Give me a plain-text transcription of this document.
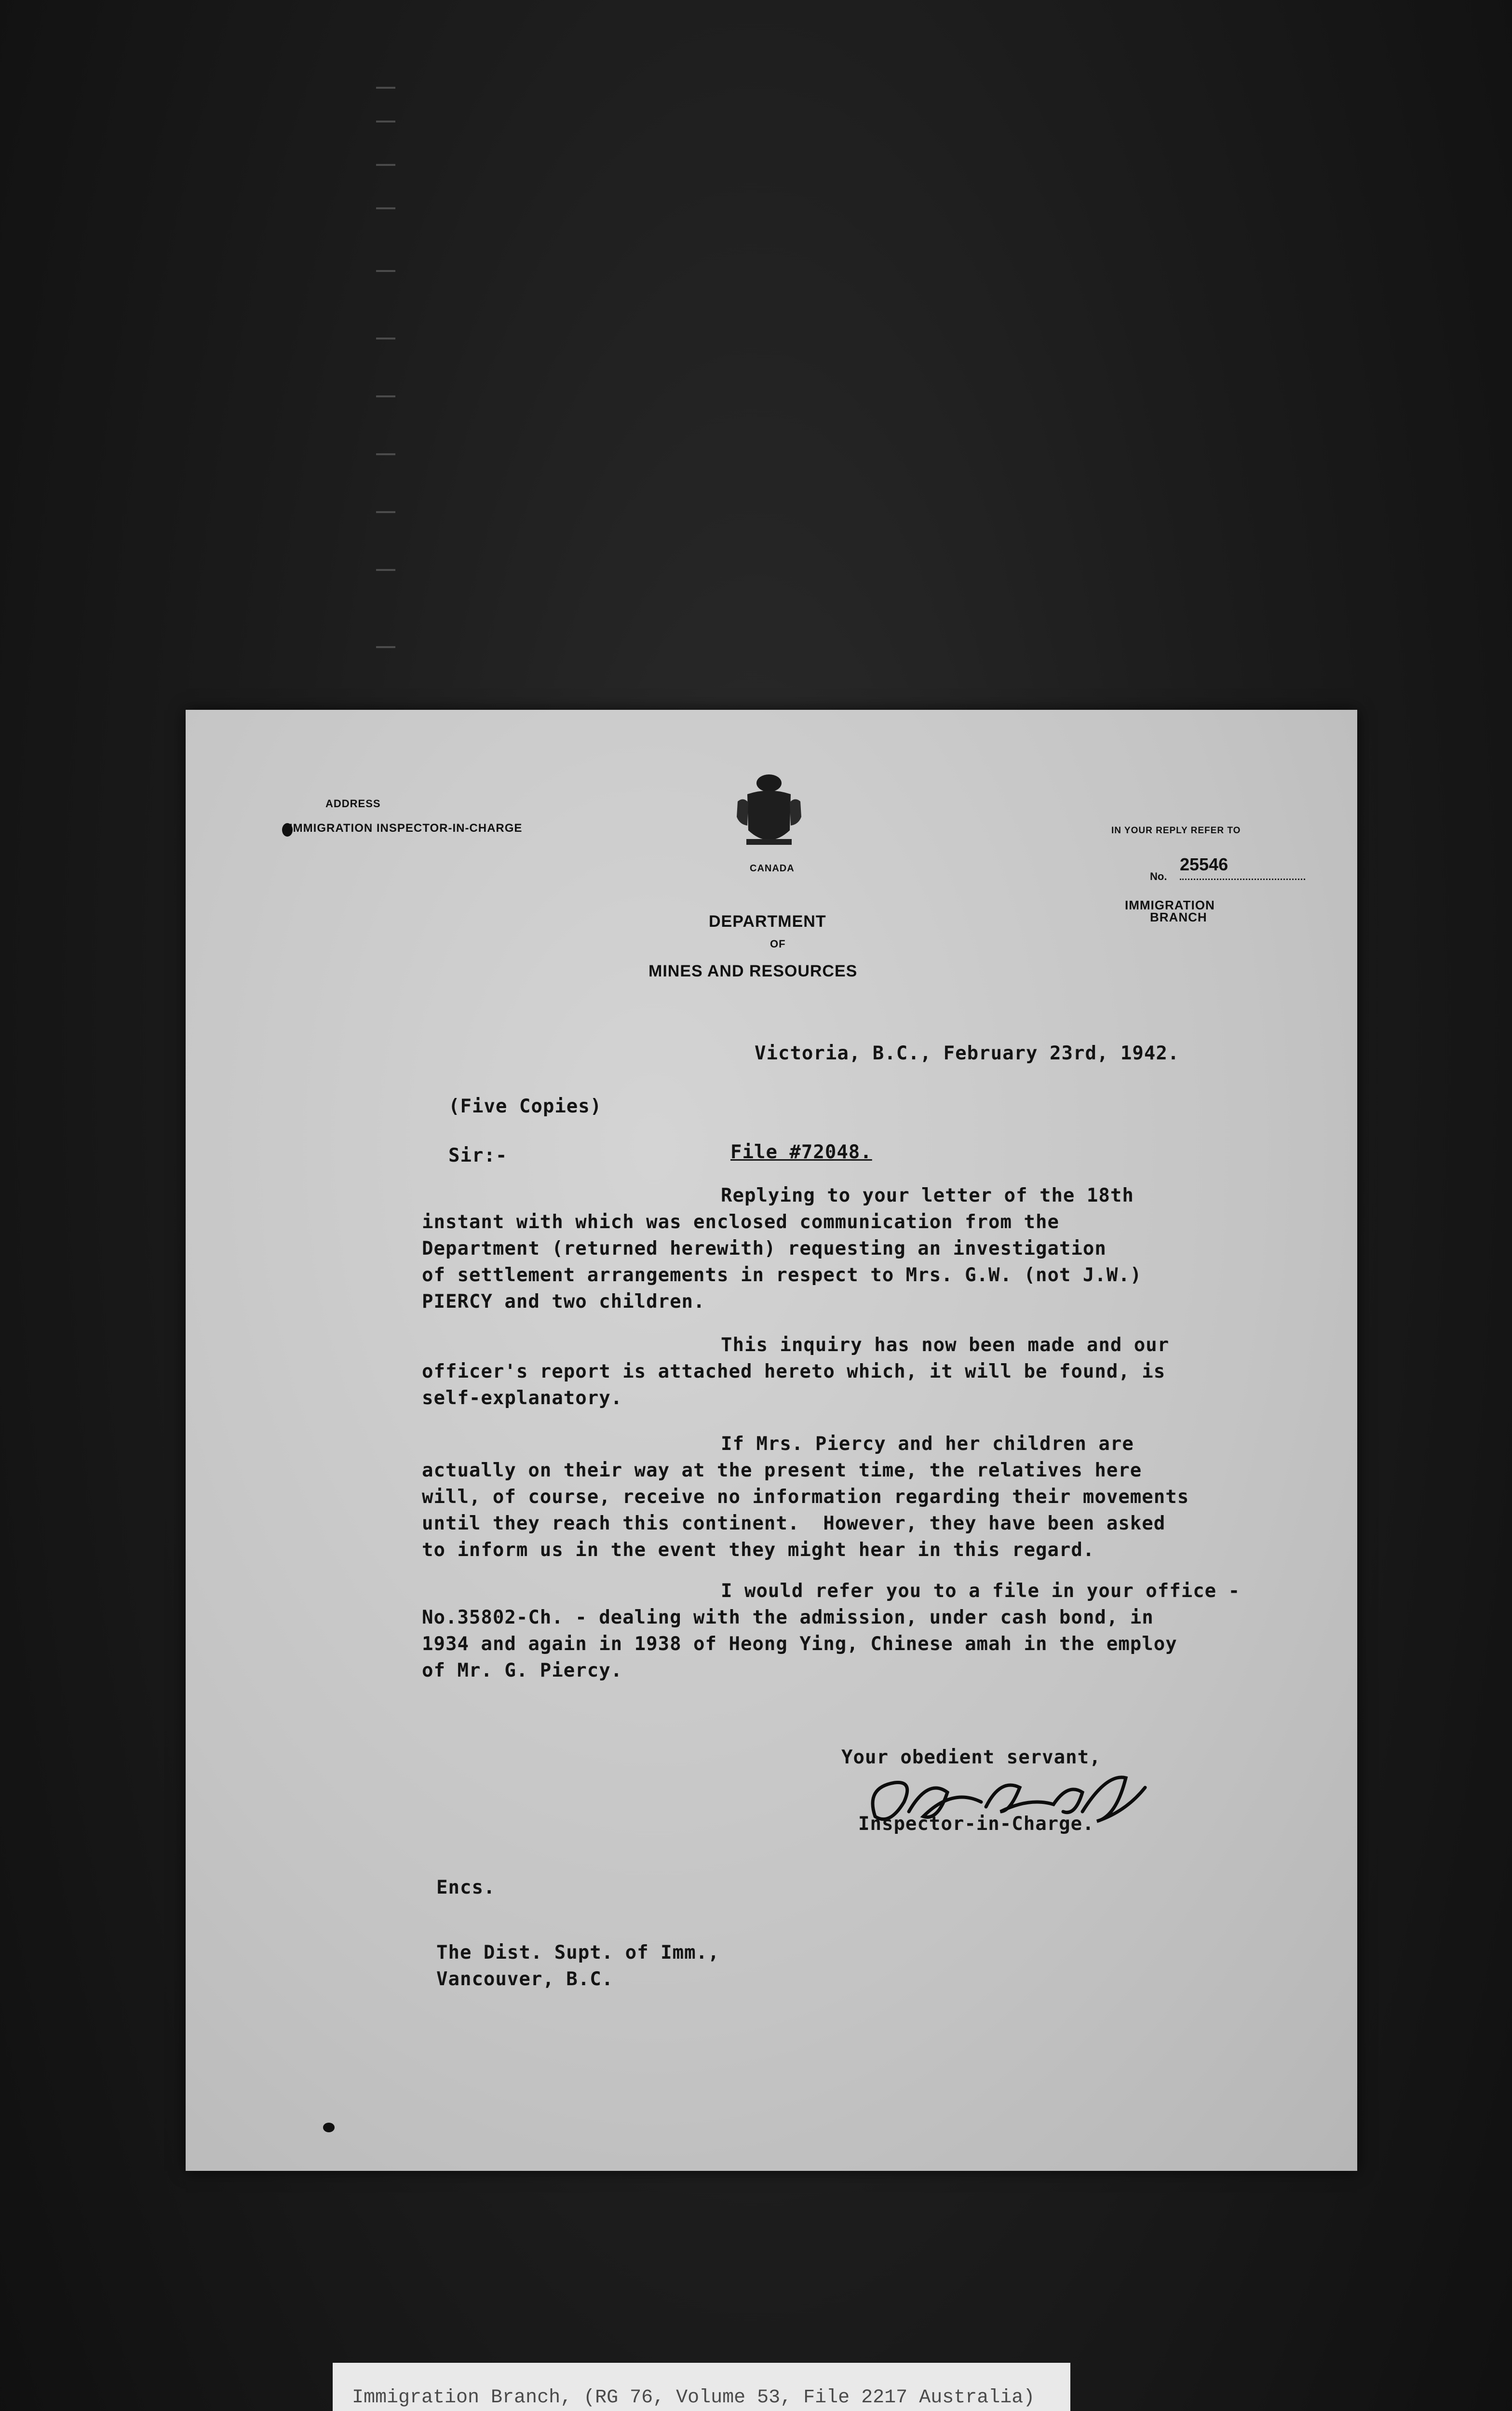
ADDRESS
IMMIGRATION INSPECTOR-IN-CHARGE
CANADA
DEPARTMENT
OF
MINES AND RESOURCES
IN YOUR REPLY REFER TO
No.
25546
IMMIGRATION
BRANCH
Victoria, B.C., February 23rd, 1942.
(Five Copies)
Sir:-	File #72048.
Replying to your letter of the 18th
instant with which was enclosed communication from the
Department (returned herewith) requesting an investigation
of settlement arrangements in respect to Mrs. G.W. (not J.W.)
PIERCY and two children.
This inquiry has now been made and our
officer's report is attached hereto which, it will be found, is
self-explanatory.
If Mrs. Piercy and her children are
actually on their way at the present time, the relatives here
will, of course, receive no information regarding their movements
until they reach this continent.  However, they have been asked
to inform us in the event they might hear in this regard.
I would refer you to a file in your office -
No.35802-Ch. - dealing with the admission, under cash bond, in
1934 and again in 1938 of Heong Ying, Chinese amah in the employ
of Mr. G. Piercy.
Your obedient servant,
Inspector-in-Charge.
Encs.
The Dist. Supt. of Imm.,
Vancouver, B.C.
Immigration Branch, (RG 76, Volume 53, File 2217 Australia)
